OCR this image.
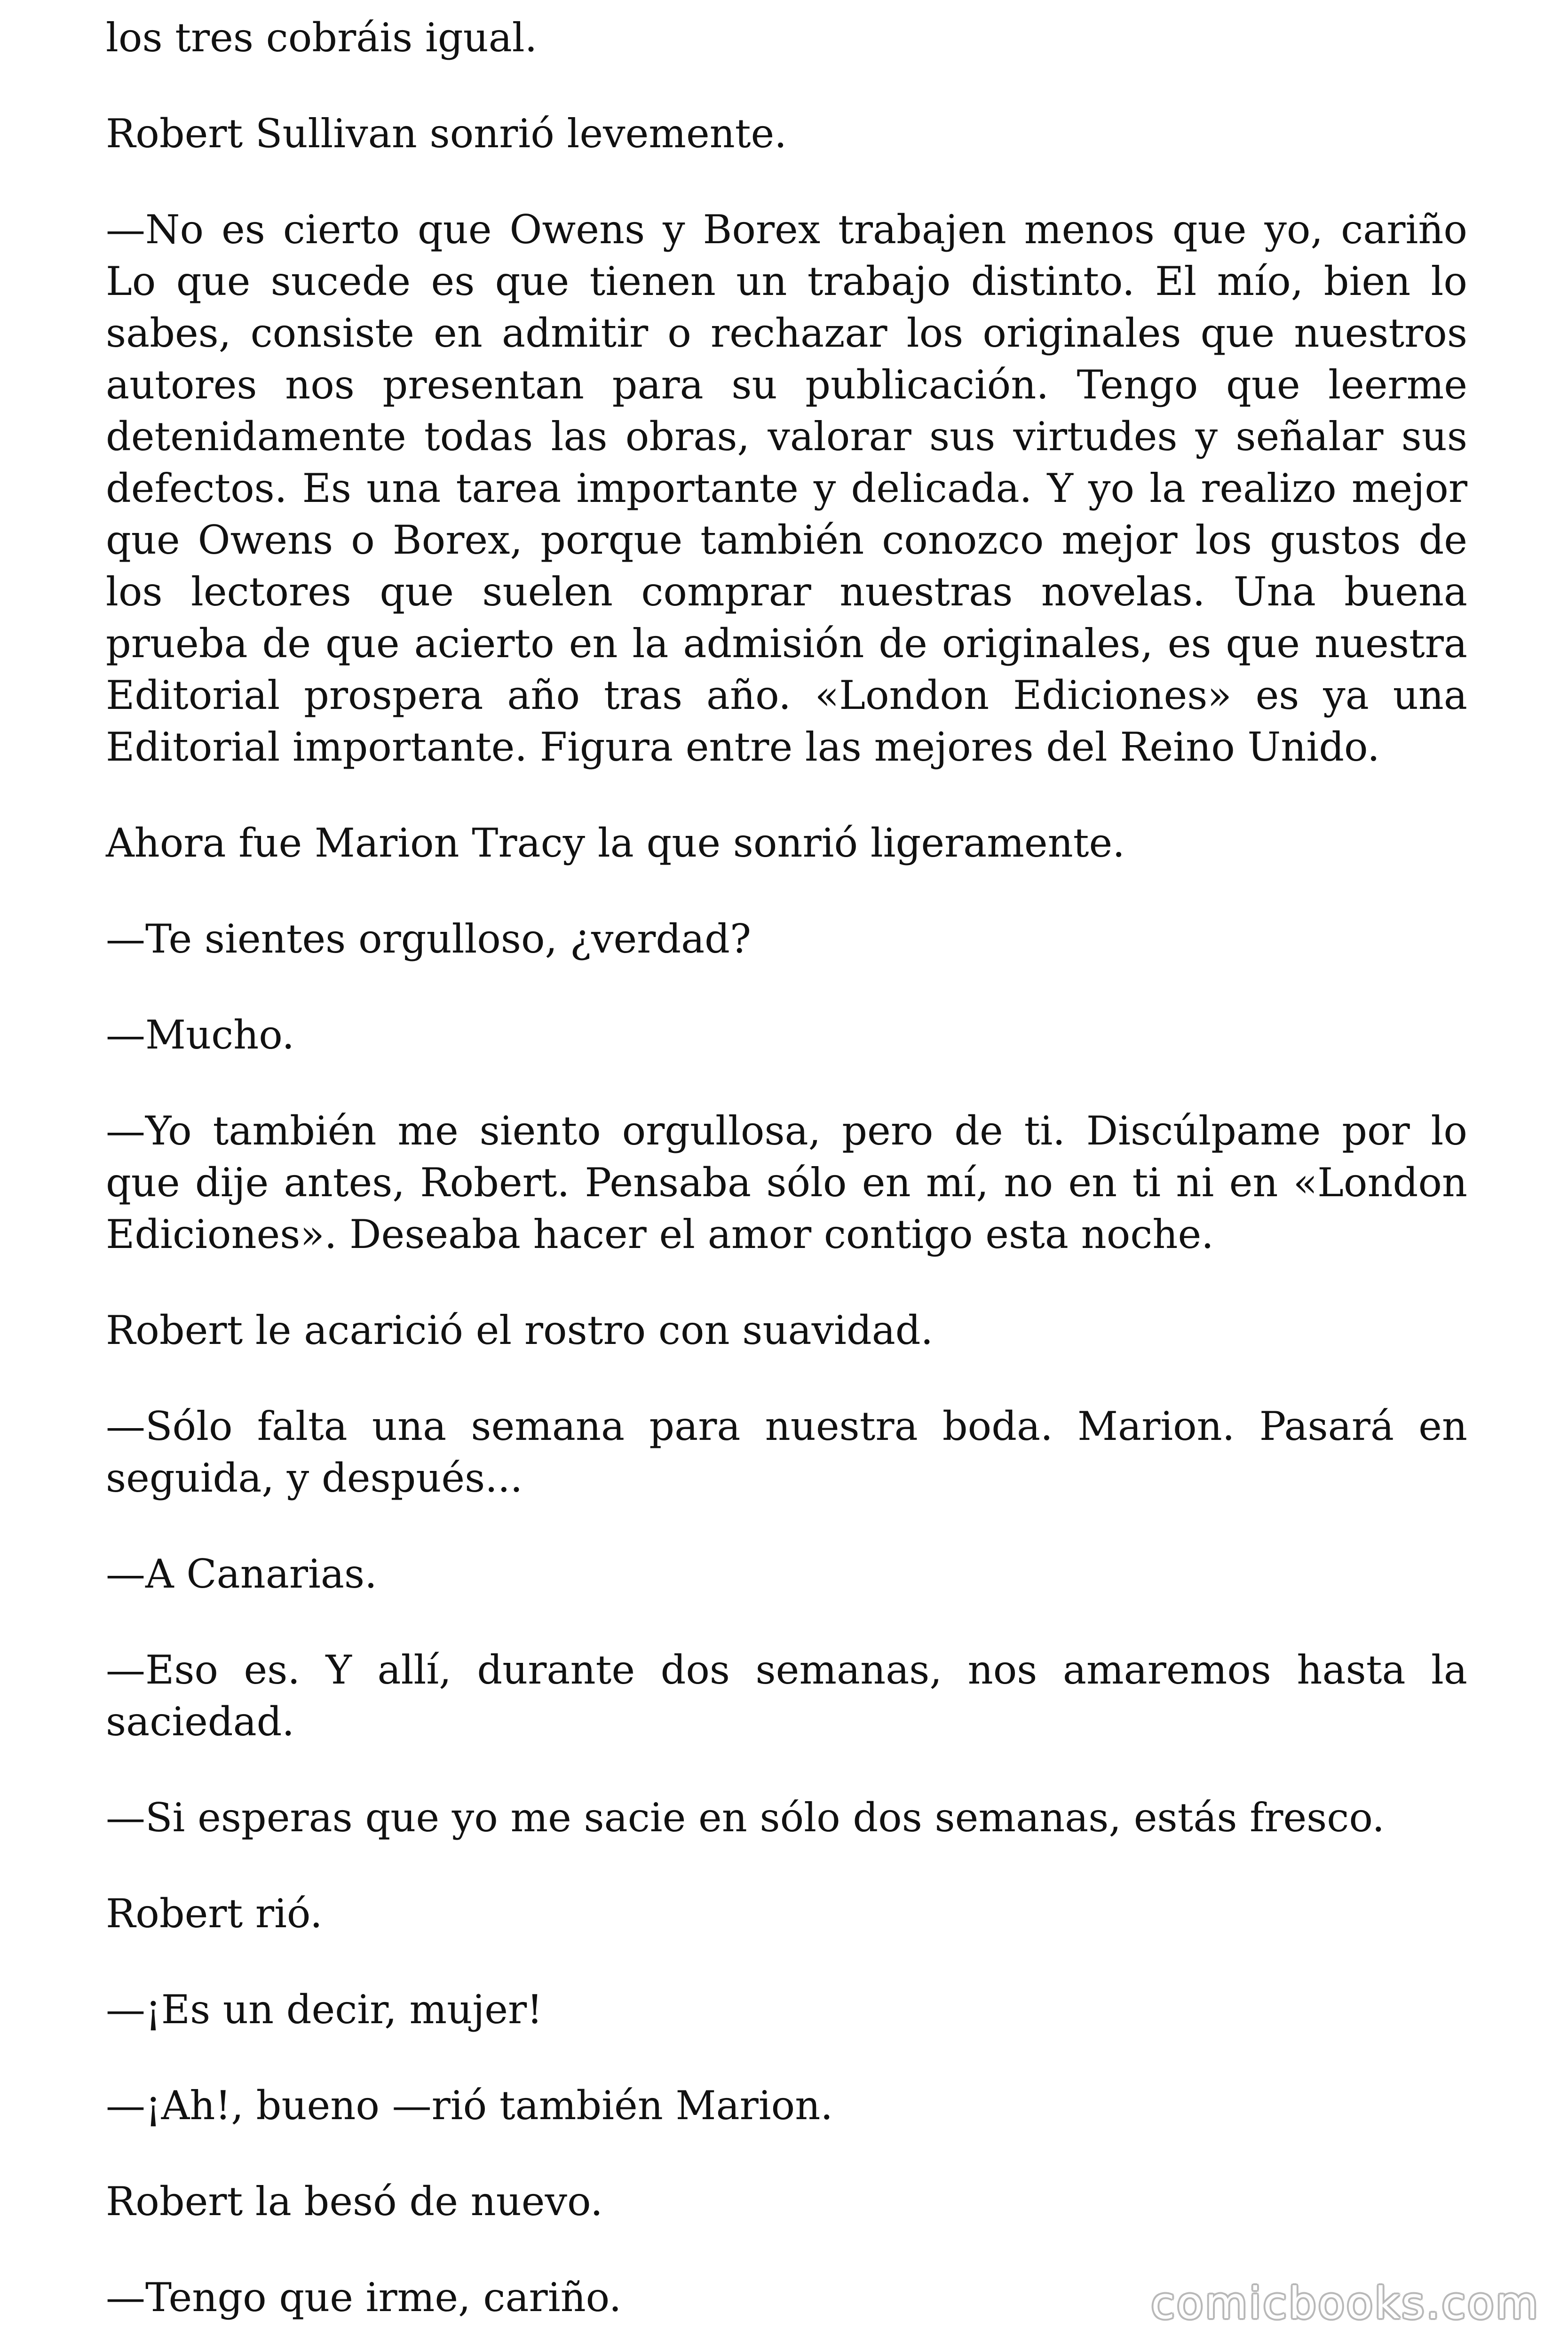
los tres cobráis igual.

Robert Sullivan sonrió levemente.

—No es cierto que Owens y Borex trabajen menos que yo, cariño Lo que sucede es que tienen un trabajo distinto. El mío, bien lo sabes, consiste en admitir o rechazar los originales que nuestros autores nos presentan para su publicación. Tengo que leerme detenidamente todas las obras, valorar sus virtudes y señalar sus defectos. Es una tarea importante y delicada. Y yo la realizo mejor que Owens o Borex, porque también conozco mejor los gustos de los lectores que suelen comprar nuestras novelas. Una buena prueba de que acierto en la admisión de originales, es que nuestra Editorial prospera año tras año. «London Ediciones» es ya una Editorial importante. Figura entre las mejores del Reino Unido.

Ahora fue Marion Tracy la que sonrió ligeramente.

—Te sientes orgulloso, ¿verdad?

—Mucho.

—Yo también me siento orgullosa, pero de ti. Discúlpame por lo que dije antes, Robert. Pensaba sólo en mí, no en ti ni en «London Ediciones». Deseaba hacer el amor contigo esta noche.

Robert le acarició el rostro con suavidad.

—Sólo falta una semana para nuestra boda. Marion. Pasará en seguida, y después...

—A Canarias.

—Eso es. Y allí, durante dos semanas, nos amaremos hasta la saciedad.

—Si esperas que yo me sacie en sólo dos semanas, estás fresco.

Robert rió.

—¡Es un decir, mujer!

—¡Ah!, bueno —rió también Marion.

Robert la besó de nuevo.

—Tengo que irme, cariño.	comicbooks.com
